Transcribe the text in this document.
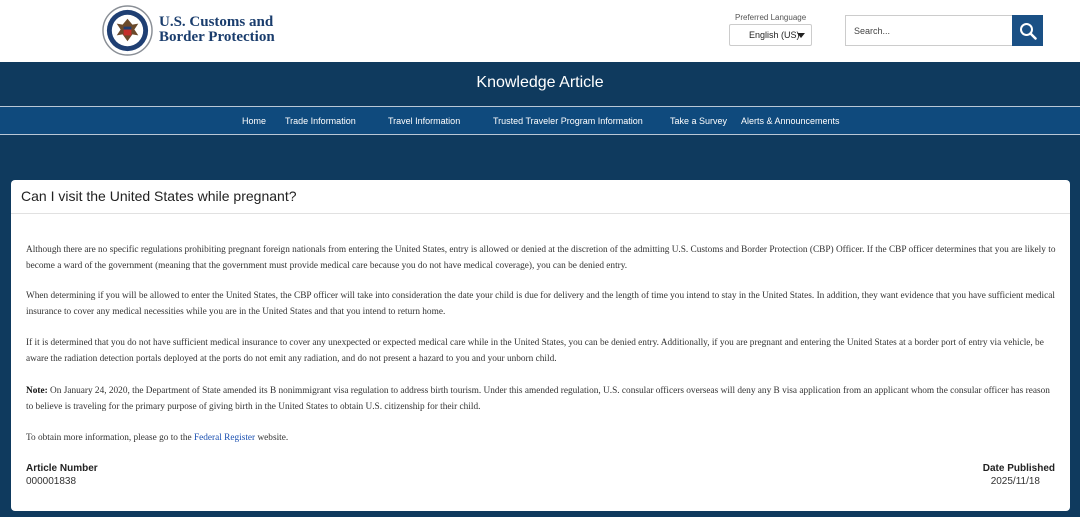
U.S. Customs and
Border Protection
Preferred Language
English (US)
Search...
Knowledge Article
Home Trade Information	Travel Information	Trusted Traveler Program Information	Take a Survey Alerts & Announcements
Can I visit the United States while pregnant?

Although there are no specific regulations prohibiting pregnant foreign nationals from entering the United States, entry is allowed or denied at the discretion of the admitting U.S. Customs and Border Protection (CBP) Officer. If the CBP officer determines that you are likely to become a ward of the government (meaning that the government must provide medical care because you do not have medical coverage), you can be denied entry.

When determining if you will be allowed to enter the United States, the CBP officer will take into consideration the date your child is due for delivery and the length of time you intend to stay in the United States. In addition, they want evidence that you have sufficient medical insurance to cover any medical necessities while you are in the United States and that you intend to return home.

If it is determined that you do not have sufficient medical insurance to cover any unexpected or expected medical care while in the United States, you can be denied entry. Additionally, if you are pregnant and entering the United States at a border port of entry via vehicle, be aware the radiation detection portals deployed at the ports do not emit any radiation, and do not present a hazard to you and your unborn child.

Note: On January 24, 2020, the Department of State amended its B nonimmigrant visa regulation to address birth tourism. Under this amended regulation, U.S. consular officers overseas will deny any B visa application from an applicant whom the consular officer has reason to believe is traveling for the primary purpose of giving birth in the United States to obtain U.S. citizenship for their child.

To obtain more information, please go to the Federal Register website.

Article Number
000001838
Date Published
2025/11/18
